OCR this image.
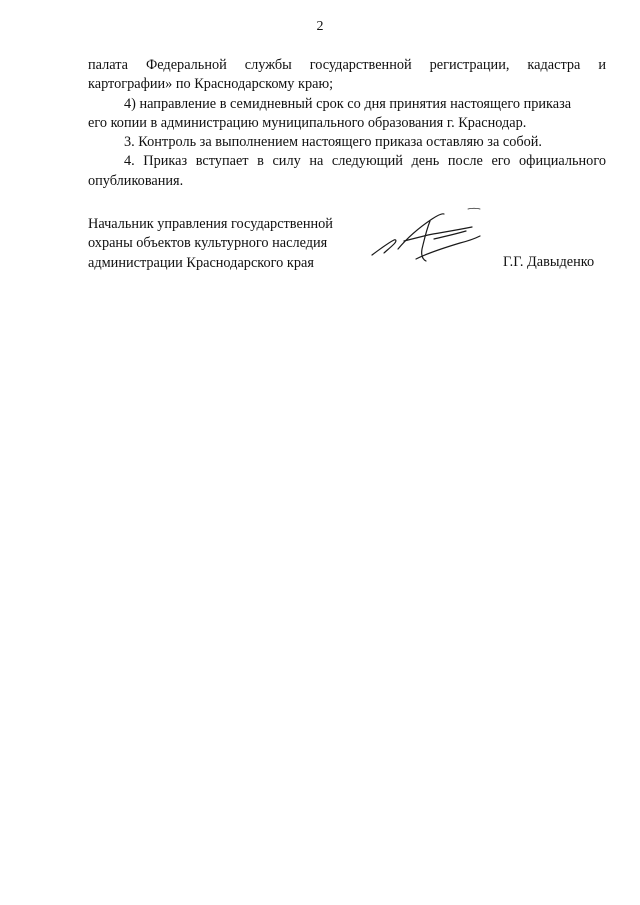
2
палата Федеральной службы государственной регистрации, кадастра и
картографии» по Краснодарскому краю;
4) направление в семидневный срок со дня принятия настоящего приказа
его копии в администрацию муниципального образования г. Краснодар.
3. Контроль за выполнением настоящего приказа оставляю за собой.
4. Приказ вступает в силу на следующий день после его официального
опубликования.
Начальник управления государственной
охраны объектов культурного наследия
администрации Краснодарского края	Г.Г. Давыденко
